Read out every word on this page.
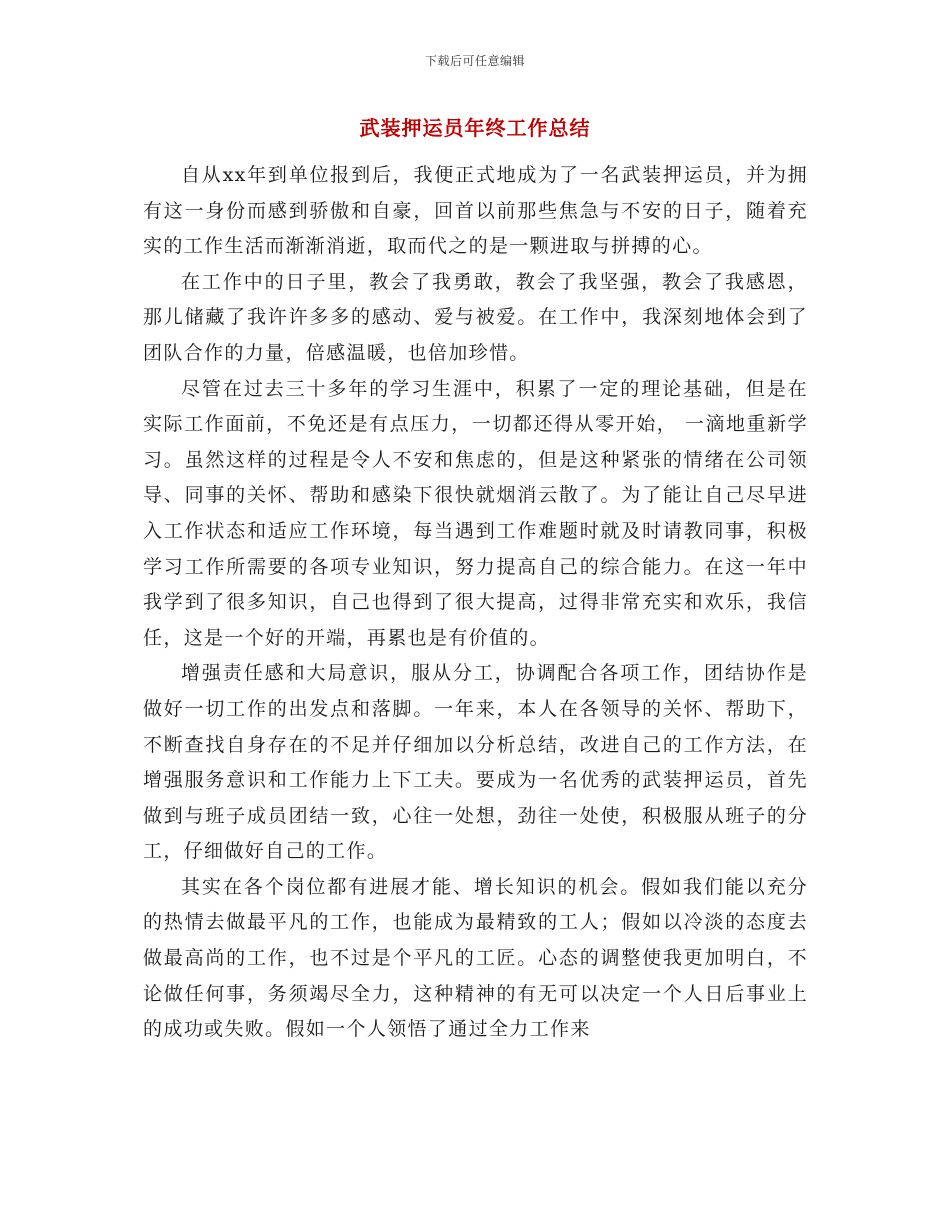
下载后可任意编辑
武装押运员年终工作总结

自从xx年到单位报到后，我便正式地成为了一名武装押运员，并为拥有这一身份而感到骄傲和自豪，回首以前那些焦急与不安的日子，随着充实的工作生活而渐渐消逝，取而代之的是一颗进取与拼搏的心。

在工作中的日子里，教会了我勇敢，教会了我坚强，教会了我感恩，那儿储藏了我许许多多的感动、爱与被爱。在工作中，我深刻地体会到了团队合作的力量，倍感温暖，也倍加珍惜。

尽管在过去三十多年的学习生涯中，积累了一定的理论基础，但是在实际工作面前，不免还是有点压力，一切都还得从零开始， 一滴地重新学习。虽然这样的过程是令人不安和焦虑的，但是这种紧张的情绪在公司领导、同事的关怀、帮助和感染下很快就烟消云散了。为了能让自己尽早进入工作状态和适应工作环境，每当遇到工作难题时就及时请教同事，积极学习工作所需要的各项专业知识，努力提高自己的综合能力。在这一年中我学到了很多知识，自己也得到了很大提高，过得非常充实和欢乐，我信任，这是一个好的开端，再累也是有价值的。

增强责任感和大局意识，服从分工，协调配合各项工作，团结协作是做好一切工作的出发点和落脚。一年来，本人在各领导的关怀、帮助下，不断查找自身存在的不足并仔细加以分析总结，改进自己的工作方法，在增强服务意识和工作能力上下工夫。要成为一名优秀的武装押运员，首先做到与班子成员团结一致，心往一处想，劲往一处使，积极服从班子的分工，仔细做好自己的工作。

其实在各个岗位都有进展才能、增长知识的机会。假如我们能以充分的热情去做最平凡的工作，也能成为最精致的工人；假如以冷淡的态度去做最高尚的工作，也不过是个平凡的工匠。心态的调整使我更加明白，不论做任何事，务须竭尽全力，这种精神的有无可以决定一个人日后事业上的成功或失败。假如一个人领悟了通过全力工作来
